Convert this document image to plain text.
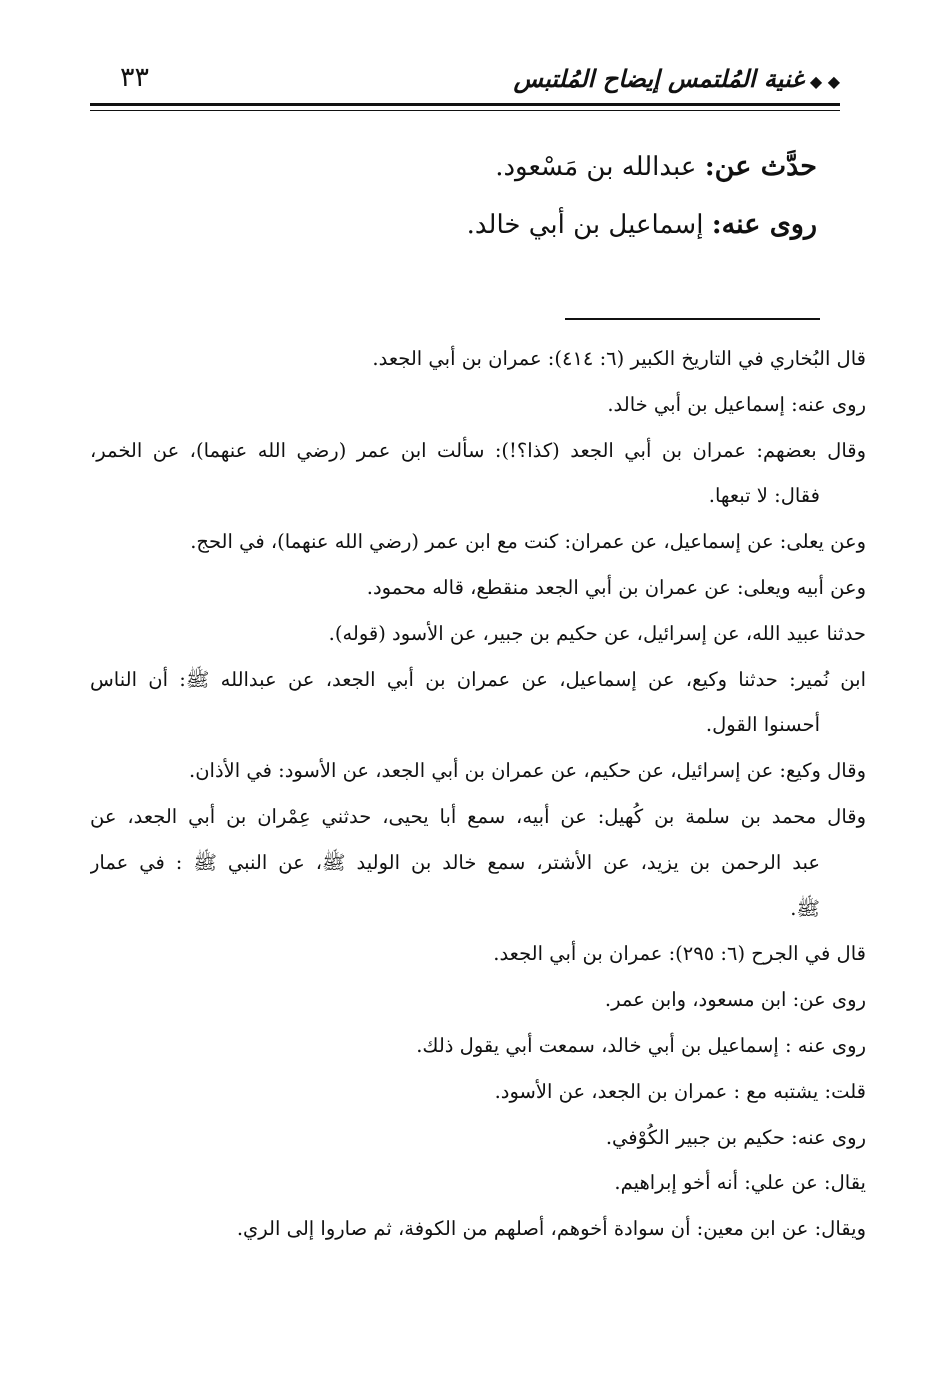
٣٣	◆ ◆غنية المُلتمس إيضاح المُلتبس
حدَّث عن: عبدالله بن مَسْعود.
روى عنه: إسماعيل بن أبي خالد.
قال البُخاري في التاريخ الكبير (٦: ٤١٤): عمران بن أبي الجعد.
روى عنه: إسماعيل بن أبي خالد.
وقال بعضهم: عمران بن أبي الجعد (كذا؟!): سألت ابن عمر (رضي الله عنهما)، عن الخمر،
فقال: لا تبعها.
وعن يعلى: عن إسماعيل، عن عمران: كنت مع ابن عمر (رضي الله عنهما)، في الحج.
وعن أبيه ويعلى: عن عمران بن أبي الجعد منقطع، قاله محمود.
حدثنا عبيد الله، عن إسرائيل، عن حكيم بن جبير، عن الأسود (قوله).
ابن نُمير: حدثنا وكيع، عن إسماعيل، عن عمران بن أبي الجعد، عن عبدالله ﷺ: أن الناس
أحسنوا القول.
وقال وكيع: عن إسرائيل، عن حكيم، عن عمران بن أبي الجعد، عن الأسود: في الأذان.
وقال محمد بن سلمة بن كُهيل: عن أبيه، سمع أبا يحيى، حدثني عِمْران بن أبي الجعد، عن
عبد الرحمن بن يزيد، عن الأشتر، سمع خالد بن الوليد ﷺ، عن النبي ﷺ : في عمار
ﷺ.
قال في الجرح (٦: ٢٩٥): عمران بن أبي الجعد.
روى عن: ابن مسعود، وابن عمر.
روى عنه : إسماعيل بن أبي خالد، سمعت أبي يقول ذلك.
قلت: يشتبه مع : عمران بن الجعد، عن الأسود.
روى عنه: حكيم بن جبير الكُوْفي.
يقال: عن علي: أنه أخو إبراهيم.
ويقال: عن ابن معين: أن سوادة أخوهم، أصلهم من الكوفة، ثم صاروا إلى الري.
